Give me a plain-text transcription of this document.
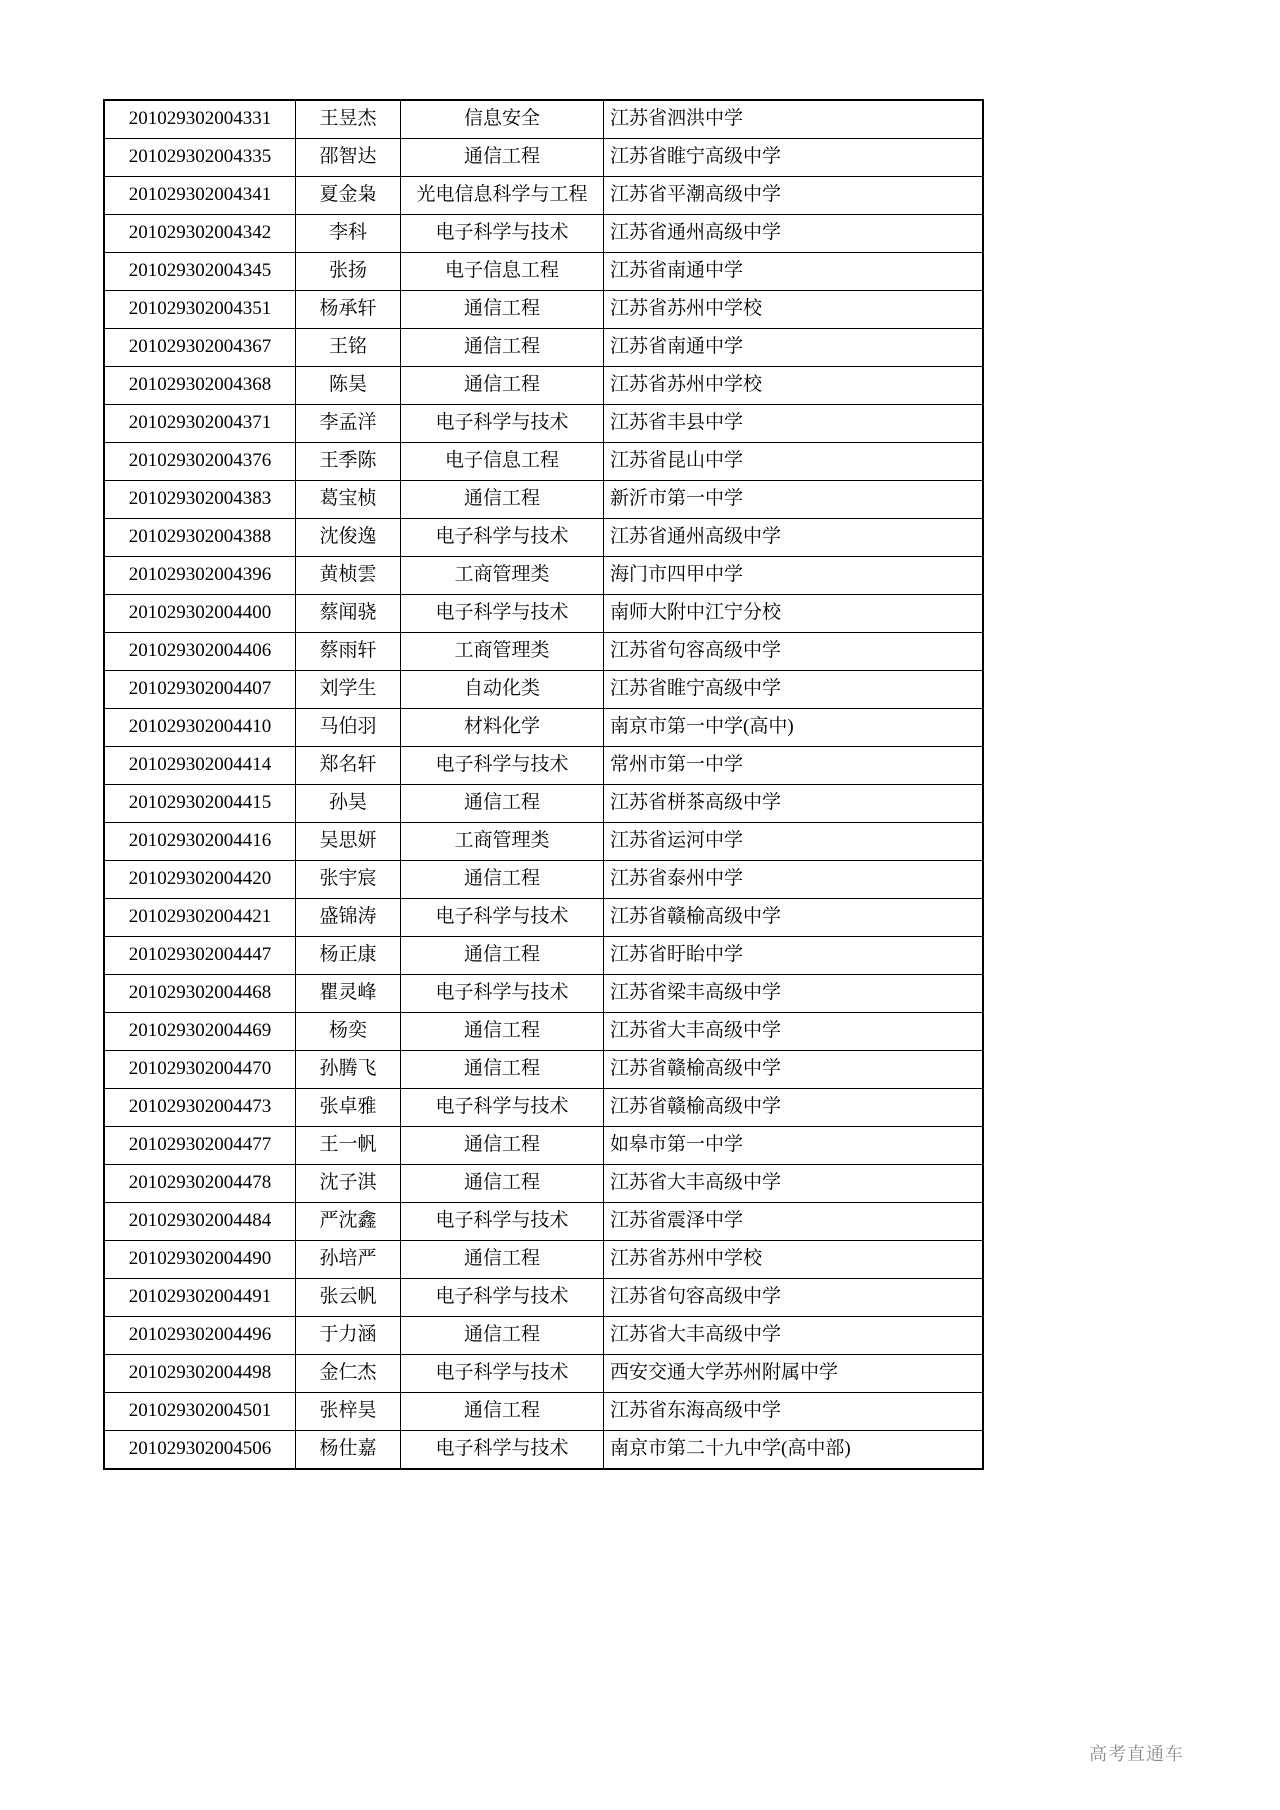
201029302004331	王昱杰	信息安全	江苏省泗洪中学
201029302004335	邵智达	通信工程	江苏省睢宁高级中学
201029302004341	夏金枭	光电信息科学与工程	江苏省平潮高级中学
201029302004342	李科	电子科学与技术	江苏省通州高级中学
201029302004345	张扬	电子信息工程	江苏省南通中学
201029302004351	杨承轩	通信工程	江苏省苏州中学校
201029302004367	王铭	通信工程	江苏省南通中学
201029302004368	陈昊	通信工程	江苏省苏州中学校
201029302004371	李孟洋	电子科学与技术	江苏省丰县中学
201029302004376	王季陈	电子信息工程	江苏省昆山中学
201029302004383	葛宝桢	通信工程	新沂市第一中学
201029302004388	沈俊逸	电子科学与技术	江苏省通州高级中学
201029302004396	黄桢雲	工商管理类	海门市四甲中学
201029302004400	蔡闻骁	电子科学与技术	南师大附中江宁分校
201029302004406	蔡雨轩	工商管理类	江苏省句容高级中学
201029302004407	刘学生	自动化类	江苏省睢宁高级中学
201029302004410	马伯羽	材料化学	南京市第一中学(高中)
201029302004414	郑名轩	电子科学与技术	常州市第一中学
201029302004415	孙昊	通信工程	江苏省栟茶高级中学
201029302004416	吴思妍	工商管理类	江苏省运河中学
201029302004420	张宇宸	通信工程	江苏省泰州中学
201029302004421	盛锦涛	电子科学与技术	江苏省赣榆高级中学
201029302004447	杨正康	通信工程	江苏省盱眙中学
201029302004468	瞿灵峰	电子科学与技术	江苏省梁丰高级中学
201029302004469	杨奕	通信工程	江苏省大丰高级中学
201029302004470	孙腾飞	通信工程	江苏省赣榆高级中学
201029302004473	张卓雅	电子科学与技术	江苏省赣榆高级中学
201029302004477	王一帆	通信工程	如皋市第一中学
201029302004478	沈子淇	通信工程	江苏省大丰高级中学
201029302004484	严沈鑫	电子科学与技术	江苏省震泽中学
201029302004490	孙培严	通信工程	江苏省苏州中学校
201029302004491	张云帆	电子科学与技术	江苏省句容高级中学
201029302004496	于力涵	通信工程	江苏省大丰高级中学
201029302004498	金仁杰	电子科学与技术	西安交通大学苏州附属中学
201029302004501	张梓昊	通信工程	江苏省东海高级中学
201029302004506	杨仕嘉	电子科学与技术	南京市第二十九中学(高中部)
高考直通车
